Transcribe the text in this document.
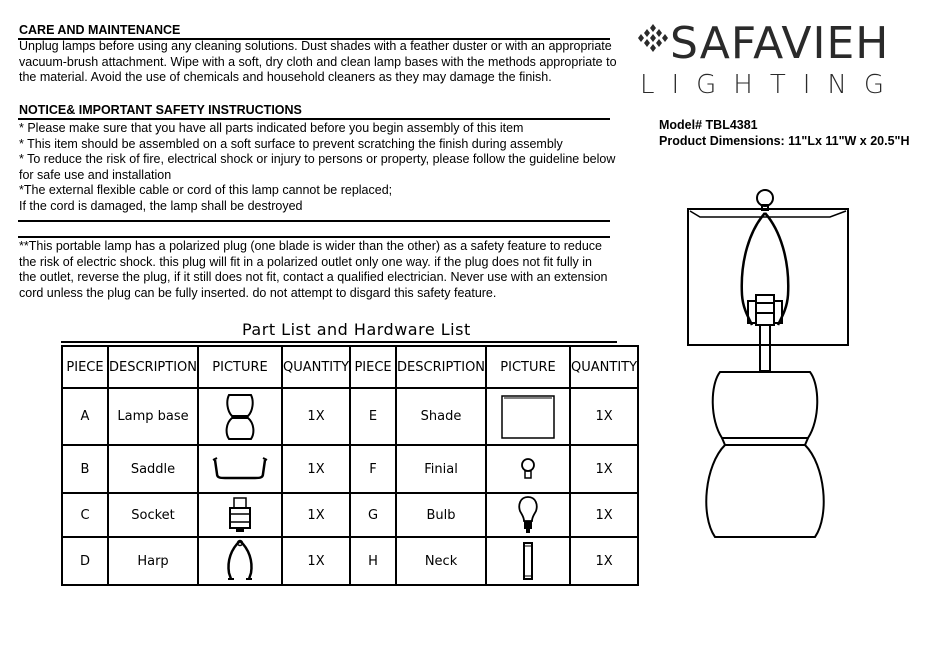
CARE AND MAINTENANCE
Unplug lamps before using any cleaning solutions. Dust shades with a feather duster or with an appropriate
vacuum-brush attachment. Wipe with a soft, dry cloth and clean lamp bases with the methods appropriate to
the material. Avoid the use of chemicals and household cleaners as they may damage the finish.
NOTICE& IMPORTANT SAFETY INSTRUCTIONS
* Please make sure that you have all parts indicated before you begin assembly of this item
* This item should be assembled on a soft surface to prevent scratching the finish during assembly
* To reduce the risk of fire, electrical shock or injury to persons or property, please follow the guideline below
for safe use and installation
*The external flexible cable or cord of this lamp cannot be replaced;
If the cord is damaged, the lamp shall be destroyed
**This portable lamp has a polarized plug (one blade is wider than the other) as a safety feature to reduce
the risk of electric shock. this plug will fit in a polarized outlet only one way. if the plug does not fit fully in
the outlet, reverse the plug, if it still does not fit, contact a qualified electrician. Never use with an extension
cord unless the plug can be fully inserted. do not attempt to disgard this safety feature.
SAFAVIEH
LIGHTING
Model# TBL4381
Product Dimensions: 11"Lx 11"W x 20.5"H
Part List and Hardware List
PIECE	DESCRIPTION	PICTURE	QUANTITY	PIECE	DESCRIPTION	PICTURE	QUANTITY
A	Lamp base		1X	E	Shade		1X
B	Saddle		1X	F	Finial		1X
C	Socket		1X	G	Bulb		1X
D	Harp		1X	H	Neck		1X
